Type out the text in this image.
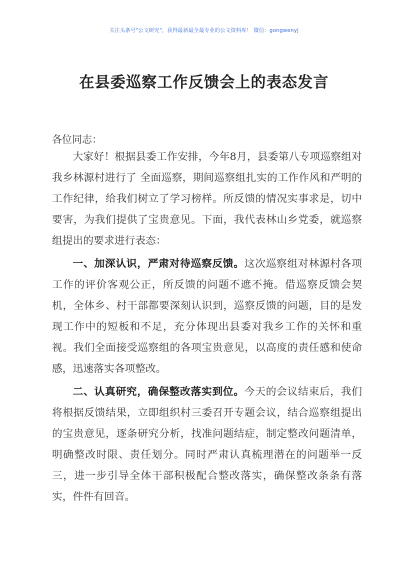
关注头条号"公文研究"，获得最新最全最专业的公文资料库！ 微信：gongwenyj
在县委巡察工作反馈会上的表态发言
各位同志：

大家好！根据县委工作安排，今年8月，县委第八专项巡察组对我乡林源村进行了 全面巡察，期间巡察组扎实的工作作风和严明的工作纪律，给我们树立了学习榜样。所反馈的情况实事求是，切中要害，为我们提供了宝贵意见。下面，我代表林山乡党委，就巡察组提出的要求进行表态：

一、加深认识，严肃对待巡察反馈。这次巡察组对林源村各项工作的评价客观公正，所反馈的问题不遮不掩。借巡察反馈会契机，全体乡、村干部都要深刻认识到，巡察反馈的问题，目的是发现工作中的短板和不足，充分体现出县委对我乡工作的关怀和重视。我们全面接受巡察组的各项宝贵意见，以高度的责任感和使命感，迅速落实各项整改。

二、认真研究，确保整改落实到位。今天的会议结束后，我们将根据反馈结果，立即组织村三委召开专题会议，结合巡察组提出的宝贵意见，逐条研究分析，找准问题结症，制定整改问题清单，明确整改时限、责任划分。同时严肃认真梳理潜在的问题举一反三，进一步引导全体干部积极配合整改落实，确保整改条条有落实，件件有回音。
